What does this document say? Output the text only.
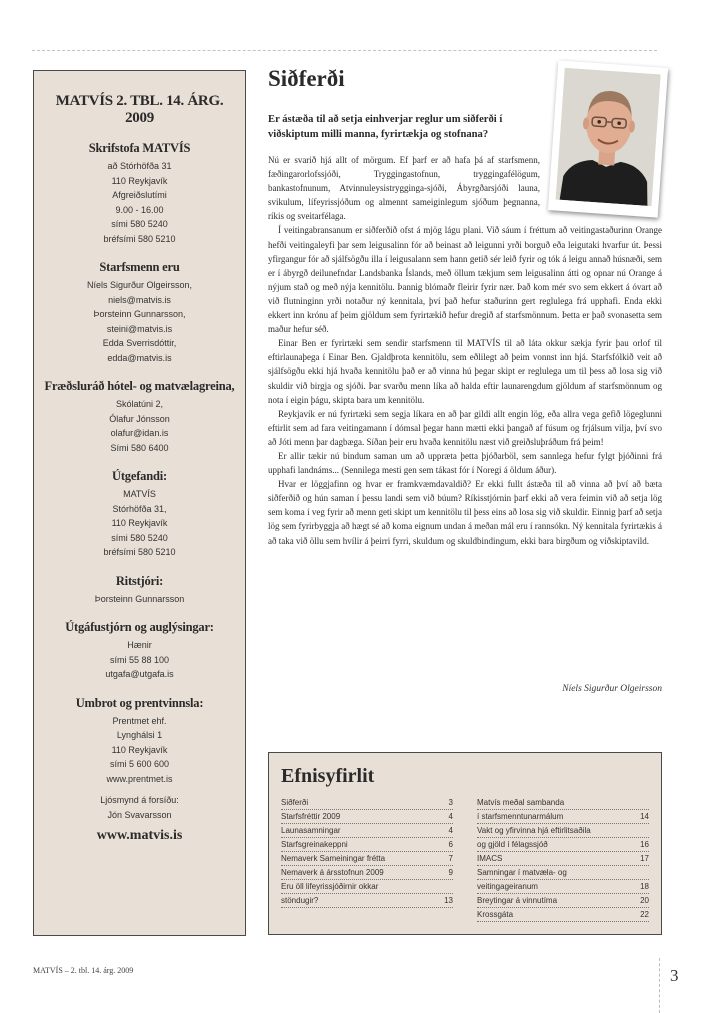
MATVÍS 2. TBL. 14. ÁRG. 2009
Skrifstofa MATVÍS
að Stórhöfða 31
110 Reykjavík
Afgreiðslutími
9.00 - 16.00
sími 580 5240
bréfsími 580 5210
Starfsmenn eru
Níels Sigurður Olgeirsson,
niels@matvis.is
Þorsteinn Gunnarsson,
steini@matvis.is
Edda Sverrisdóttir,
edda@matvis.is
Fræðsluráð hótel- og matvælagreina,
Skólatúni 2,
Ólafur Jónsson
olafur@idan.is
Sími 580 6400
Útgefandi:
MATVÍS
Stórhöfða 31,
110 Reykjavík
sími 580 5240
bréfsími 580 5210
Ritstjóri:
Þorsteinn Gunnarsson
Útgáfustjórn og auglýsingar:
Hænir
sími 55 88 100
utgafa@utgafa.is
Umbrot og prentvinnsla:
Prentmet ehf.
Lynghálsi 1
110 Reykjavík
sími 5 600 600
www.prentmet.is
Ljósmynd á forsíðu:
Jón Svavarsson
www.matvis.is
Siðferði

Er ástæða til að setja einhverjar reglur um siðferði í viðskiptum milli manna, fyrirtækja og stofnana?

Nú er svarið hjá allt of mörgum. Ef þarf er að hafa þá af starfsmenn, fæðingarorlofssjóði, Tryggingastofnun, tryggingafélögum, bankastofnunum, Atvinnuleysistrygginga-sjóði, Ábyrgðarsjóði launa, svikulum, lífeyrissjóðum og almennt sameiginlegum sjóðum þegnanna, ríkis og sveitarfélaga.

Í veitingabransanum er siðferðið ofst á mjög lágu plani. Við sáum í fréttum að veitingastaðurinn Orange hefði veitingaleyfi þar sem leigusalinn fór að beinast að leigunni yrði borguð eða leigutaki hvarfur út. Þessi yfirgangur fór að sjálfsögðu illa í leigusalann sem hann getið sér leið fyrir og tók á leigu annað húsnæði, sem er í ábyrgð deilunefndar Landsbanka Íslands, með öllum tækjum sem leigusalinn átti og opnar nú Orange á nýjum stað og með nýja kennitölu. Þannig blómaðr fleirir fyrir nær. Það kom mér svo sem ekkert á óvart að við flutninginn yrði notaður ný kennitala, því það hefur staðurinn gert reglulega frá upphafi. Enda ekki ekkert inn krónu af þeim gjöldum sem fyrirtækið hefur dregið af starfsmönnum. Þetta er það svonasetta sem maður hefur séð.

Einar Ben er fyrirtæki sem sendir starfsmenn til MATVÍS til að láta okkur sækja fyrir þau orlof til eftirlaunaþega í Einar Ben. Gjaldþrota kennitölu, sem eðlilegt að þeim vonnst inn hjá. Starfsfólkið veit að sjálfsögðu ekki hjá hvaða kennitölu það er að vinna hú þegar skipt er reglulega um til þess að losa sig við skuldir við birgja og sjóði. Þar svarðu menn líka að halda eftir launarengdum gjöldum af starfsmönnum og nota í eigin þágu, skipta bara um kennitölu.

Reykjavík er nú fyrirtæki sem segja líkara en að þar gildi allt engin lög, eða allra vega gefið lögeglunni eftirlit sem ad fara veitingamann í dómsal þegar hann mætti ekki þangað af fúsum og frjálsum vilja, því svo að Jóti menn þar dagbæga. Síðan þeir eru hvaða kennitölu næst við greiðsluþráðum frá þeim!

Er allir tækir nú bindum saman um að uppræta þetta þjóðarböl, sem sannlega hefur fylgt þjóðinni frá upphafi landnáms... (Sennilega mesti gen sem tákast fór í Noregi á öldum áður).

Hvar er löggjafinn og hvar er framkvæmdavaldið? Er ekki fullt ástæða til að vinna að því að bæta siðferðið og hún saman í þessu landi sem við búum? Ríkisstjórnin þarf ekki að vera feimin við að setja lög sem koma í veg fyrir að menn geti skipt um kennitölu til þess eins að losa sig við skuldir. Einnig þarf að setja lög sem fyrirbyggja að hægt sé að koma eignum undan á meðan mál eru í rannsókn. Ný kennitala fyrirtækis á að taka við öllu sem hvílir á þeirri fyrri, skuldum og skuldbindingum, ekki bara birgðum og viðskiptavild.

Níels Sigurður Olgeirsson
Efnisyfirlit
Siðferði	3
Starfsfréttir 2009	4
Launasamningar	4
Starfsgreinakeppni	6
Nemaverk Sameiningar frétta	7
Nemaverk á ársstofnun 2009	9
Eru öll lifeyrissjóðirnir okkar
stöndugir?	13
Matvís meðal sambanda
í starfsmenntunarmálum	14
Vakt og yfirvinna hjá eftirlitsaðila
og gjöld í félagssjóð	16
IMACS	17
Samningar í matvæla- og
veitingageiranum	18
Breytingar á vinnutíma	20
Krossgáta	22
MATVÍS – 2. tbl. 14. árg. 2009	3
